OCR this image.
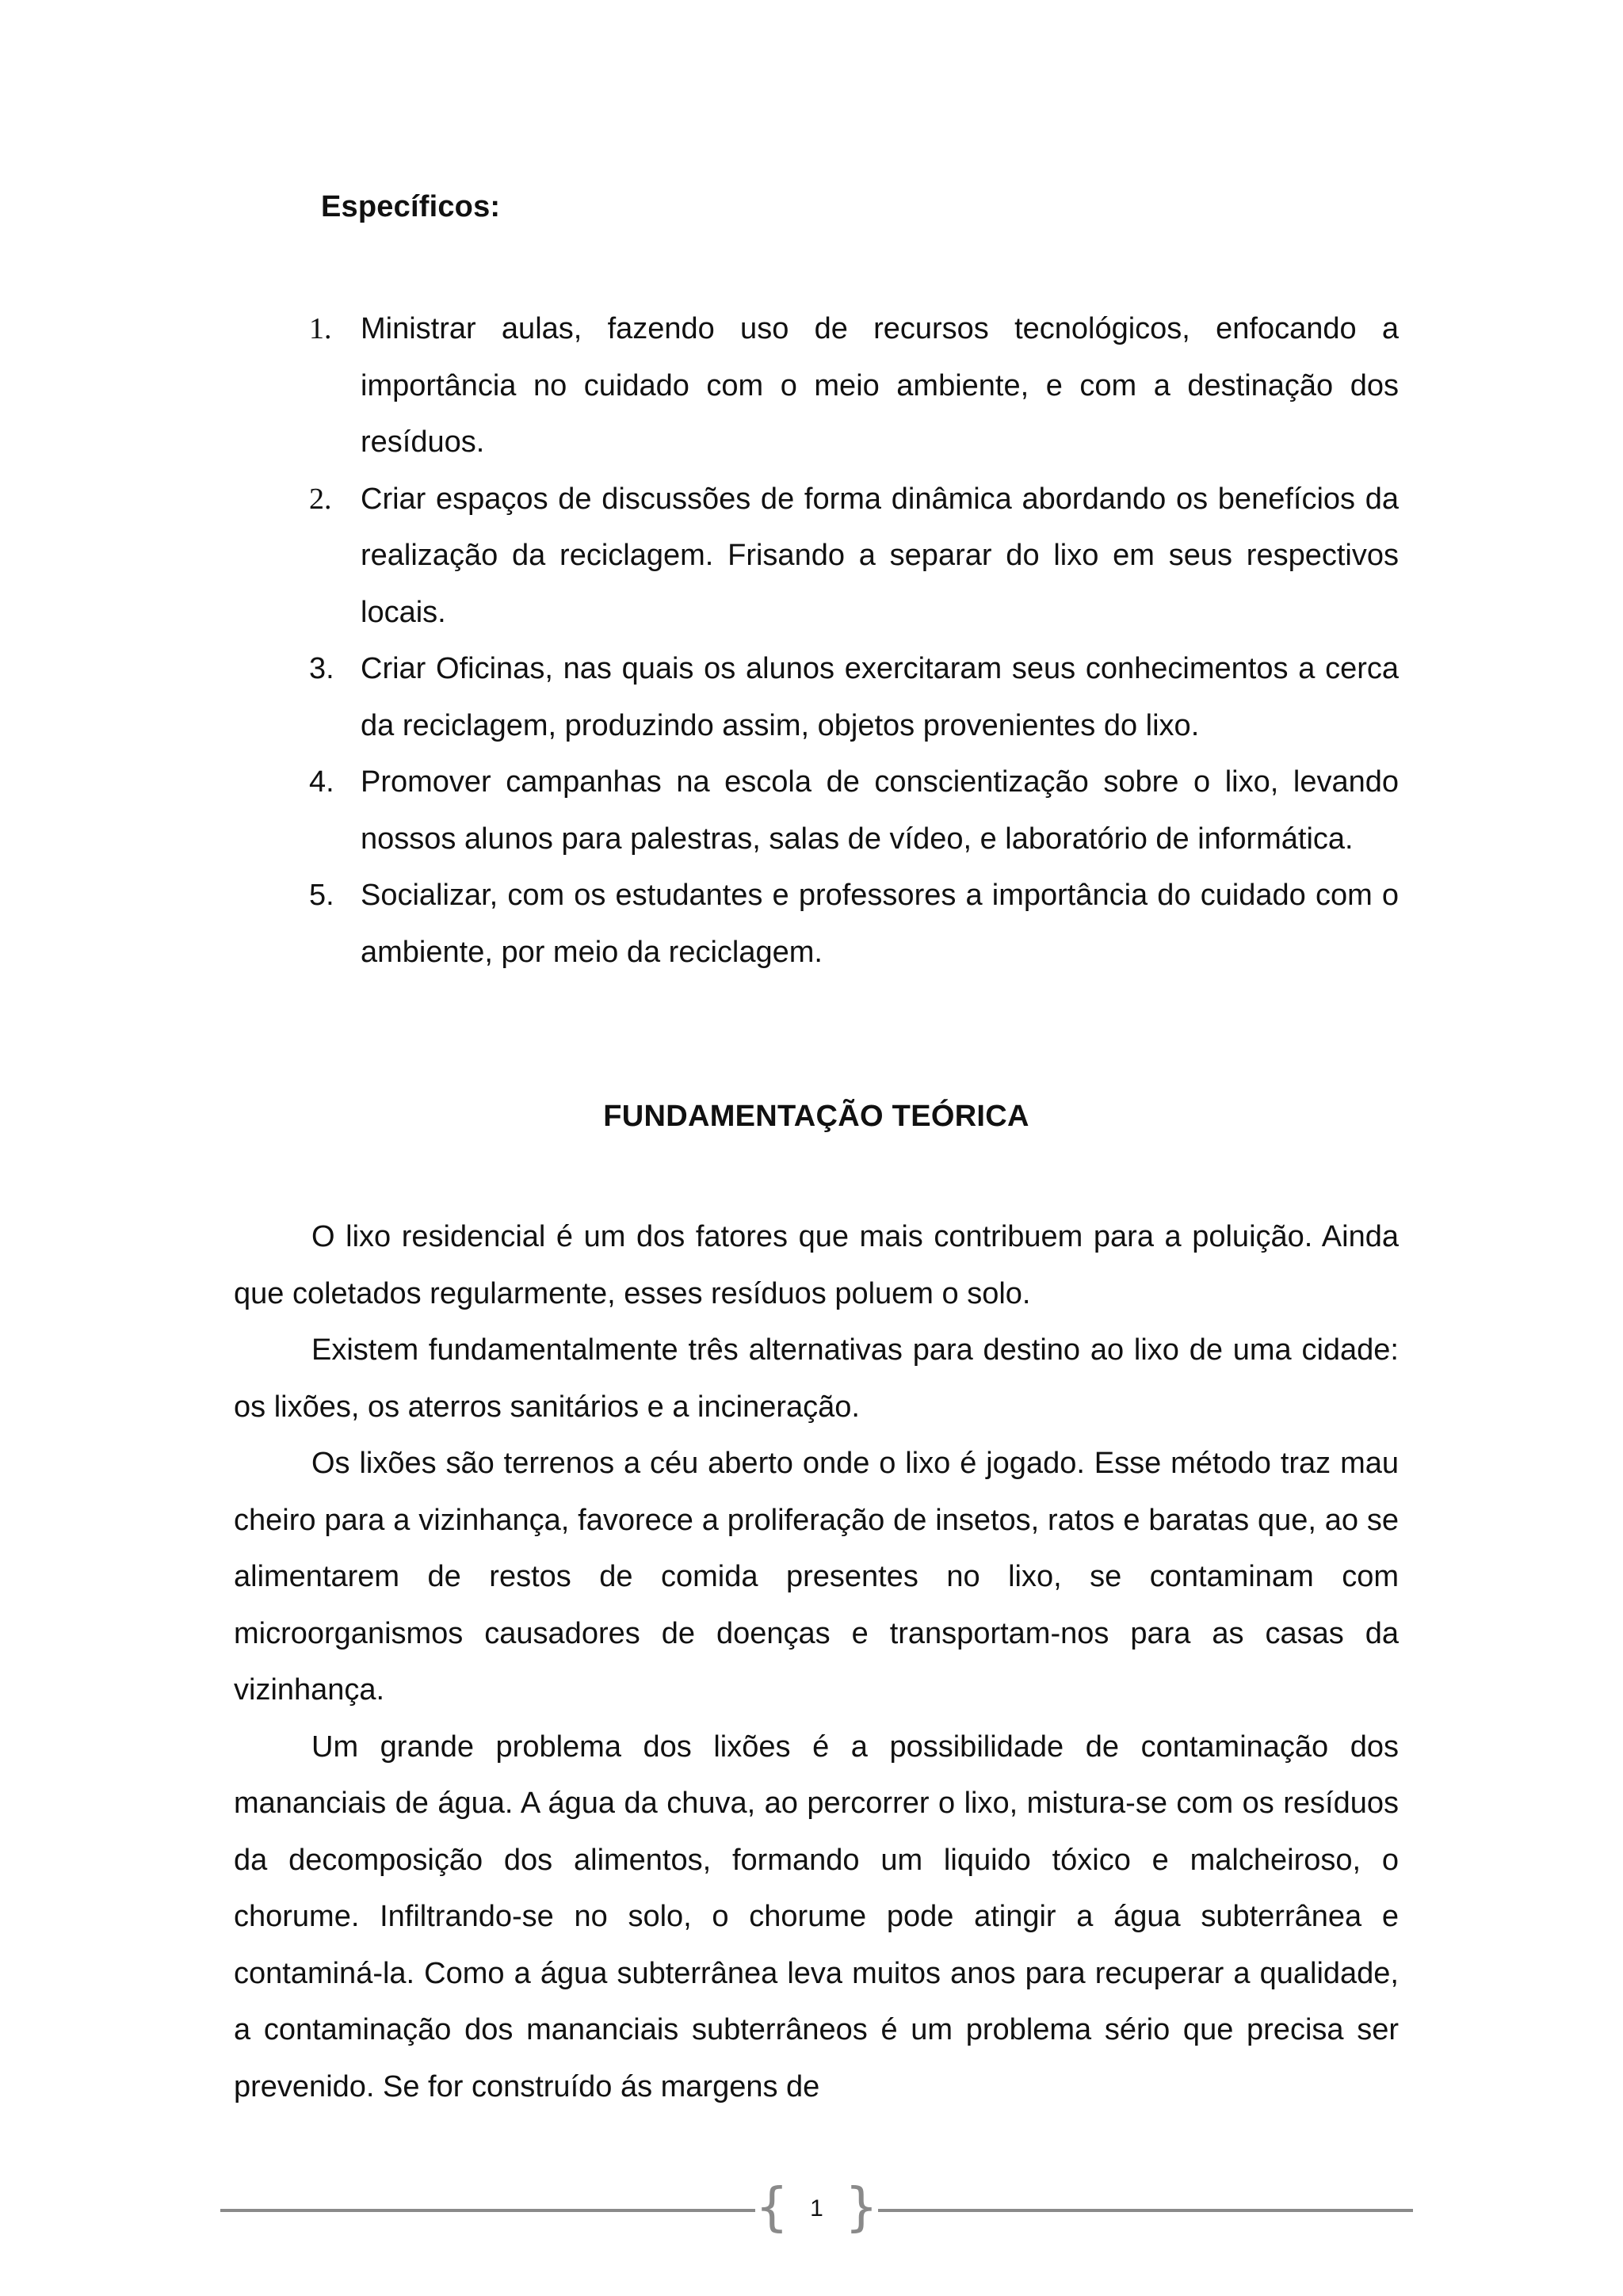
Específicos:
1. Ministrar aulas, fazendo uso de recursos tecnológicos, enfocando a importância no cuidado com o meio ambiente, e com a destinação dos resíduos.
2. Criar espaços de discussões de forma dinâmica abordando os benefícios da realização da reciclagem. Frisando a separar do lixo em seus respectivos locais.
3. Criar Oficinas, nas quais os alunos exercitaram seus conhecimentos a cerca da reciclagem, produzindo assim, objetos provenientes do lixo.
4. Promover campanhas na escola de conscientização sobre o lixo, levando nossos alunos para palestras, salas de vídeo, e laboratório de informática.
5. Socializar, com os estudantes e professores a importância do cuidado com o ambiente, por meio da reciclagem.
FUNDAMENTAÇÃO TEÓRICA

O lixo residencial é um dos fatores que mais contribuem para a poluição. Ainda que coletados regularmente, esses resíduos poluem o solo.

Existem fundamentalmente três alternativas para destino ao lixo de uma cidade: os lixões, os aterros sanitários e a incineração.

Os lixões são terrenos a céu aberto onde o lixo é jogado. Esse método traz mau cheiro para a vizinhança, favorece a proliferação de insetos, ratos e baratas que, ao se alimentarem de restos de comida presentes no lixo, se contaminam com microorganismos causadores de doenças e transportam-nos para as casas da vizinhança.

Um grande problema dos lixões é a possibilidade de contaminação dos mananciais de água. A água da chuva, ao percorrer o lixo, mistura-se com os resíduos da decomposição dos alimentos, formando um liquido tóxico e malcheiroso, o chorume. Infiltrando-se no solo, o chorume pode atingir a água subterrânea e contaminá-la. Como a água subterrânea leva muitos anos para recuperar a qualidade, a contaminação dos mananciais subterrâneos é um problema sério que precisa ser prevenido. Se for construído ás margens de

{ 1 }
